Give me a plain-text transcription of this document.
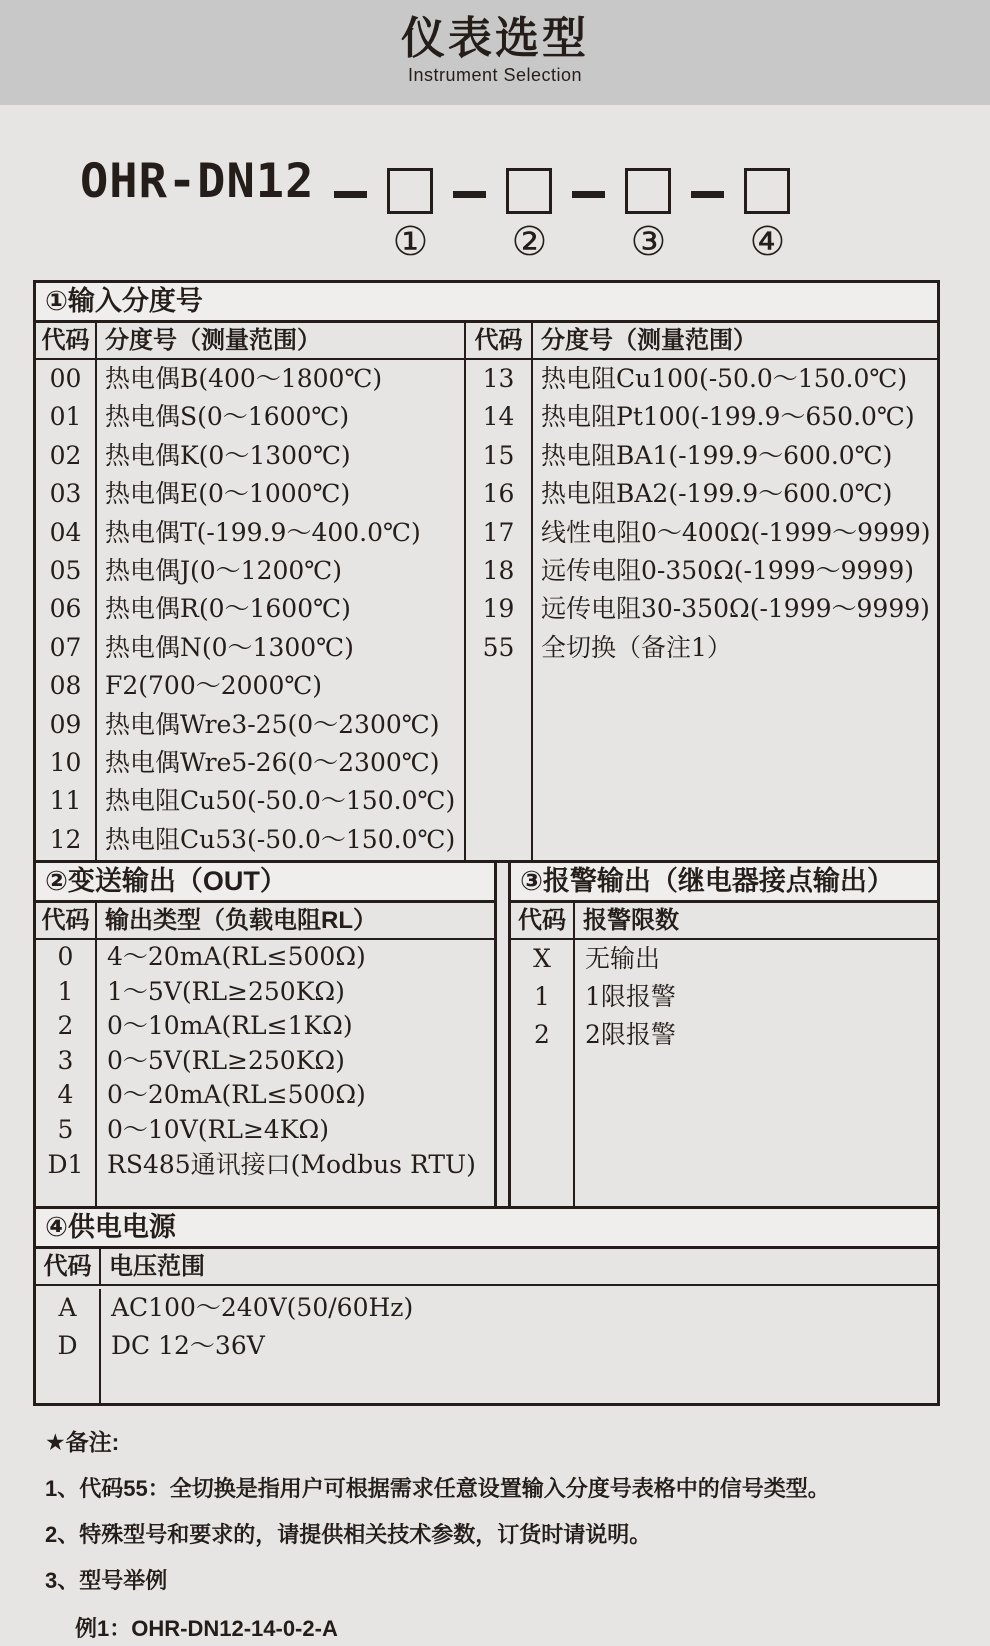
仪表选型
Instrument Selection
OHR-DN12
① ② ③ ④
①输入分度号
代码 分度号（测量范围）	代码 分度号（测量范围）
00
01
02
03
04
05
06
07
08
09
10
11
12
热电偶B(400～1800℃)
热电偶S(0～1600℃)
热电偶K(0～1300℃)
热电偶E(0～1000℃)
热电偶T(-199.9～400.0℃)
热电偶J(0～1200℃)
热电偶R(0～1600℃)
热电偶N(0～1300℃)
F2(700～2000℃)
热电偶Wre3-25(0～2300℃)
热电偶Wre5-26(0～2300℃)
热电阻Cu50(-50.0～150.0℃)
热电阻Cu53(-50.0～150.0℃)
13
14
15
16
17
18
19
55
热电阻Cu100(-50.0～150.0℃)
热电阻Pt100(-199.9～650.0℃)
热电阻BA1(-199.9～600.0℃)
热电阻BA2(-199.9～600.0℃)
线性电阻0～400Ω(-1999～9999)
远传电阻0-350Ω(-1999～9999)
远传电阻30-350Ω(-1999～9999)
全切换（备注1）
②变送输出（OUT）
代码 输出类型（负载电阻RL）
0
1
2
3
4
5
D1
4～20mA(RL≤500Ω)
1～5V(RL≥250KΩ)
0～10mA(RL≤1KΩ)
0～5V(RL≥250KΩ)
0～20mA(RL≤500Ω)
0～10V(RL≥4KΩ)
RS485通讯接口(Modbus RTU)
③报警输出（继电器接点输出）
代码 报警限数
X
1
2
无输出
1限报警
2限报警
④供电电源
代码 电压范围
A
D
AC100～240V(50/60Hz)
DC 12～36V
★备注:
1、代码55：全切换是指用户可根据需求任意设置输入分度号表格中的信号类型。
2、特殊型号和要求的，请提供相关技术参数，订货时请说明。
3、型号举例
例1：OHR-DN12-14-0-2-A
